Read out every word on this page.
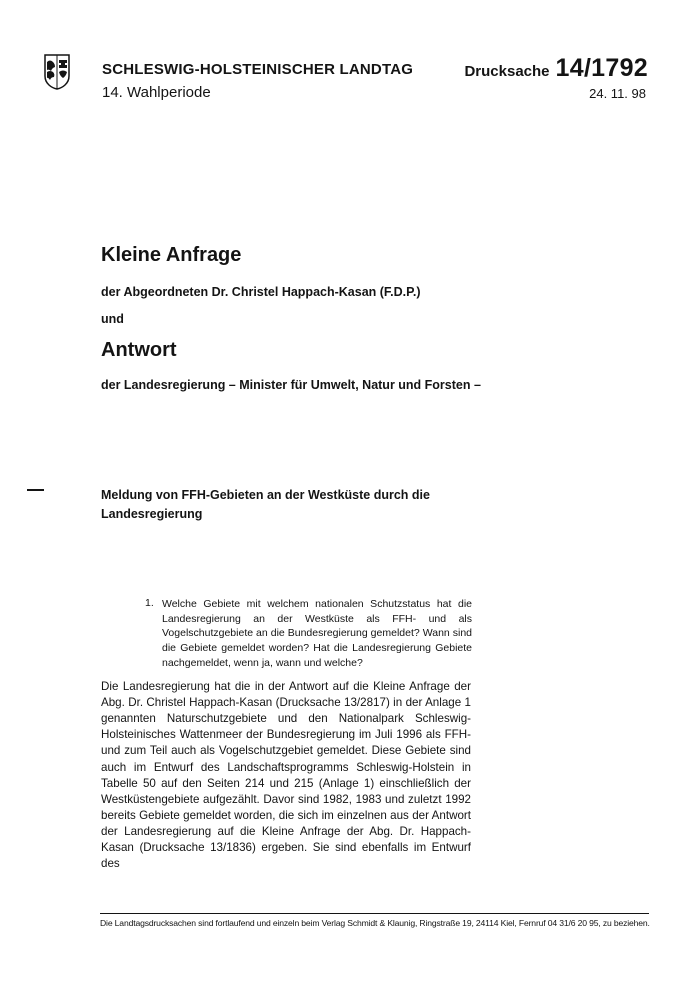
SCHLESWIG-HOLSTEINISCHER LANDTAG
14. Wahlperiode
Drucksache 14/1792
24. 11. 98
Kleine Anfrage
der Abgeordneten Dr. Christel Happach-Kasan (F.D.P.)
und
Antwort
der Landesregierung – Minister für Umwelt, Natur und Forsten –
Meldung von FFH-Gebieten an der Westküste durch die Landesregierung
1. Welche Gebiete mit welchem nationalen Schutzstatus hat die Landesregierung an der Westküste als FFH- und als Vogelschutzgebiete an die Bundesregierung gemeldet? Wann sind die Gebiete gemeldet worden? Hat die Landesregierung Gebiete nachgemeldet, wenn ja, wann und welche?
Die Landesregierung hat die in der Antwort auf die Kleine Anfrage der Abg. Dr. Christel Happach-Kasan (Drucksache 13/2817) in der Anlage 1 genannten Naturschutzgebiete und den Nationalpark Schleswig-Holsteinisches Wattenmeer der Bundesregierung im Juli 1996 als FFH- und zum Teil auch als Vogelschutzgebiet gemeldet. Diese Gebiete sind auch im Entwurf des Landschaftsprogramms Schleswig-Holstein in Tabelle 50 auf den Seiten 214 und 215 (Anlage 1) einschließlich der Westküstengebiete aufgezählt. Davor sind 1982, 1983 und zuletzt 1992 bereits Gebiete gemeldet worden, die sich im einzelnen aus der Antwort der Landesregierung auf die Kleine Anfrage der Abg. Dr. Happach-Kasan (Drucksache 13/1836) ergeben. Sie sind ebenfalls im Entwurf des
Die Landtagsdrucksachen sind fortlaufend und einzeln beim Verlag Schmidt & Klaunig, Ringstraße 19, 24114 Kiel, Fernruf 04 31/6 20 95, zu beziehen.
